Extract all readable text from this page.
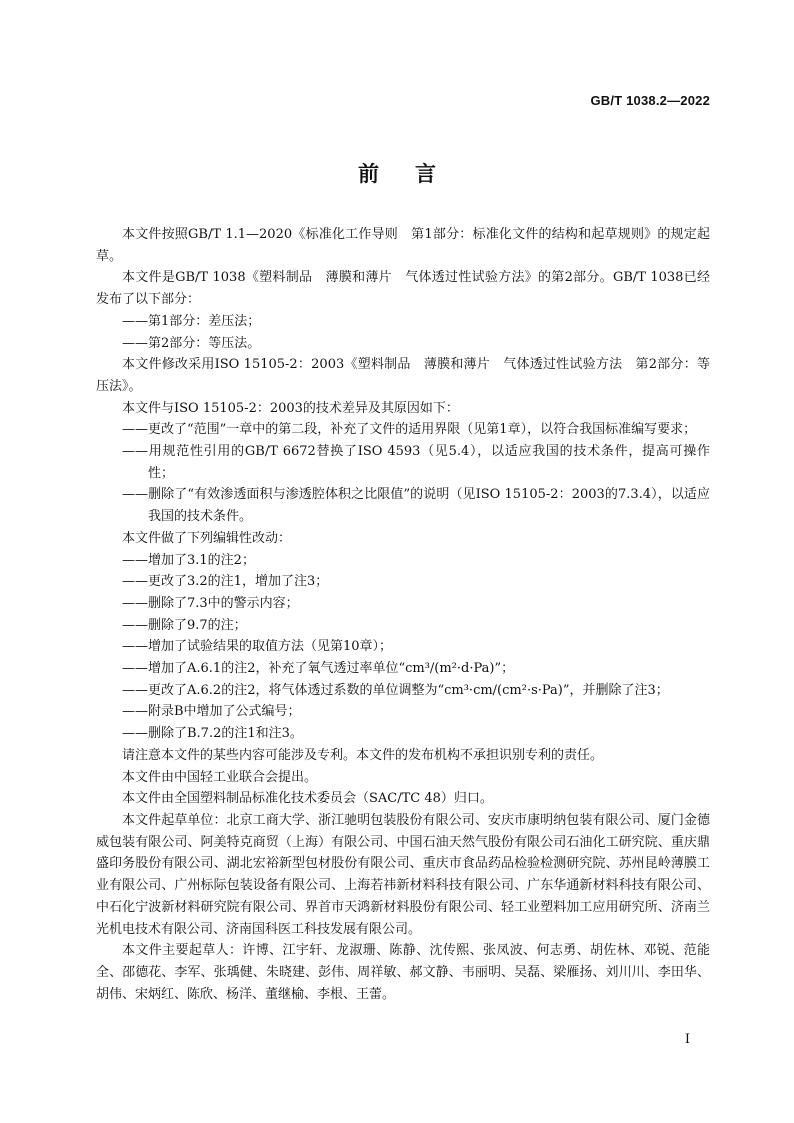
GB/T 1038.2—2022
前言

本文件按照GB/T 1.1—2020《标准化工作导则　第1部分：标准化文件的结构和起草规则》的规定起草。

本文件是GB/T 1038《塑料制品　薄膜和薄片　气体透过性试验方法》的第2部分。GB/T 1038已经发布了以下部分：

——第1部分：差压法；

——第2部分：等压法。

本文件修改采用ISO 15105-2：2003《塑料制品　薄膜和薄片　气体透过性试验方法　第2部分：等压法》。

本文件与ISO 15105-2：2003的技术差异及其原因如下：

——更改了“范围”一章中的第二段，补充了文件的适用界限（见第1章），以符合我国标准编写要求；

——用规范性引用的GB/T 6672替换了ISO 4593（见5.4），以适应我国的技术条件，提高可操作性；

——删除了“有效渗透面积与渗透腔体积之比限值”的说明（见ISO 15105-2：2003的7.3.4），以适应我国的技术条件。

本文件做了下列编辑性改动：

——增加了3.1的注2；

——更改了3.2的注1，增加了注3；

——删除了7.3中的警示内容；

——删除了9.7的注；

——增加了试验结果的取值方法（见第10章）；

——增加了A.6.1的注2，补充了氧气透过率单位“cm³/(m²·d·Pa)”；

——更改了A.6.2的注2，将气体透过系数的单位调整为“cm³·cm/(cm²·s·Pa)”，并删除了注3；

——附录B中增加了公式编号；

——删除了B.7.2的注1和注3。

请注意本文件的某些内容可能涉及专利。本文件的发布机构不承担识别专利的责任。

本文件由中国轻工业联合会提出。

本文件由全国塑料制品标准化技术委员会（SAC/TC 48）归口。

本文件起草单位：北京工商大学、浙江驰明包装股份有限公司、安庆市康明纳包装有限公司、厦门金德威包装有限公司、阿美特克商贸（上海）有限公司、中国石油天然气股份有限公司石油化工研究院、重庆鼎盛印务股份有限公司、湖北宏裕新型包材股份有限公司、重庆市食品药品检验检测研究院、苏州昆岭薄膜工业有限公司、广州标际包装设备有限公司、上海若祎新材料科技有限公司、广东华通新材料科技有限公司、中石化宁波新材料研究院有限公司、界首市天鸿新材料股份有限公司、轻工业塑料加工应用研究所、济南兰光机电技术有限公司、济南国科医工科技发展有限公司。

本文件主要起草人：许博、江宇轩、龙淑珊、陈静、沈传熙、张凤波、何志勇、胡佐林、邓锐、范能全、邵德花、李军、张瑀健、朱晓建、彭伟、周祥敏、郝文静、韦丽明、吴磊、梁雁扬、刘川川、李田华、胡伟、宋炳红、陈欣、杨洋、董继榆、李根、王蕾。

I
